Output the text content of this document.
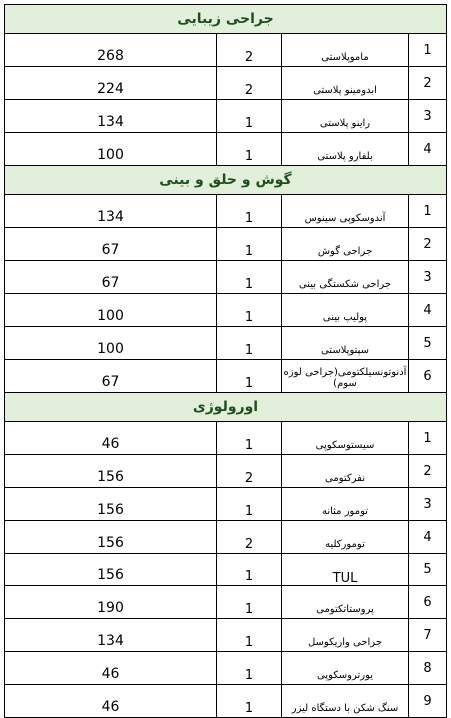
جراحی زیبایی			
268	2	ماموپلاستی	1
224	2	ابدومینو پلاستی	2
134	1	راینو پلاستی	3
100	1	بلفارو پلاستی	4
گوش و حلق و بینی			
134	1	آندوسکوپی سینوس	1
67	1	جراحی گوش	2
67	1	جراحی شکستگی بینی	3
100	1	پولیپ بینی	4
100	1	سپتوپلاستی	5
67	1	آدنوتونسیلکتومی(جراحی لوزه سوم)	6
اورولوژی			
46	1	سیستوسکوپی	1
156	2	نفرکتومی	2
156	1	تومور مثانه	3
156	2	تومورکلیه	4
156	1	TUL	5
190	1	پروستاتکتومی	6
134	1	جراحی واریکوسل	7
46	1	یورتروسکوپی	8
46	1	سنگ شکن با دستگاه لیزر	9
